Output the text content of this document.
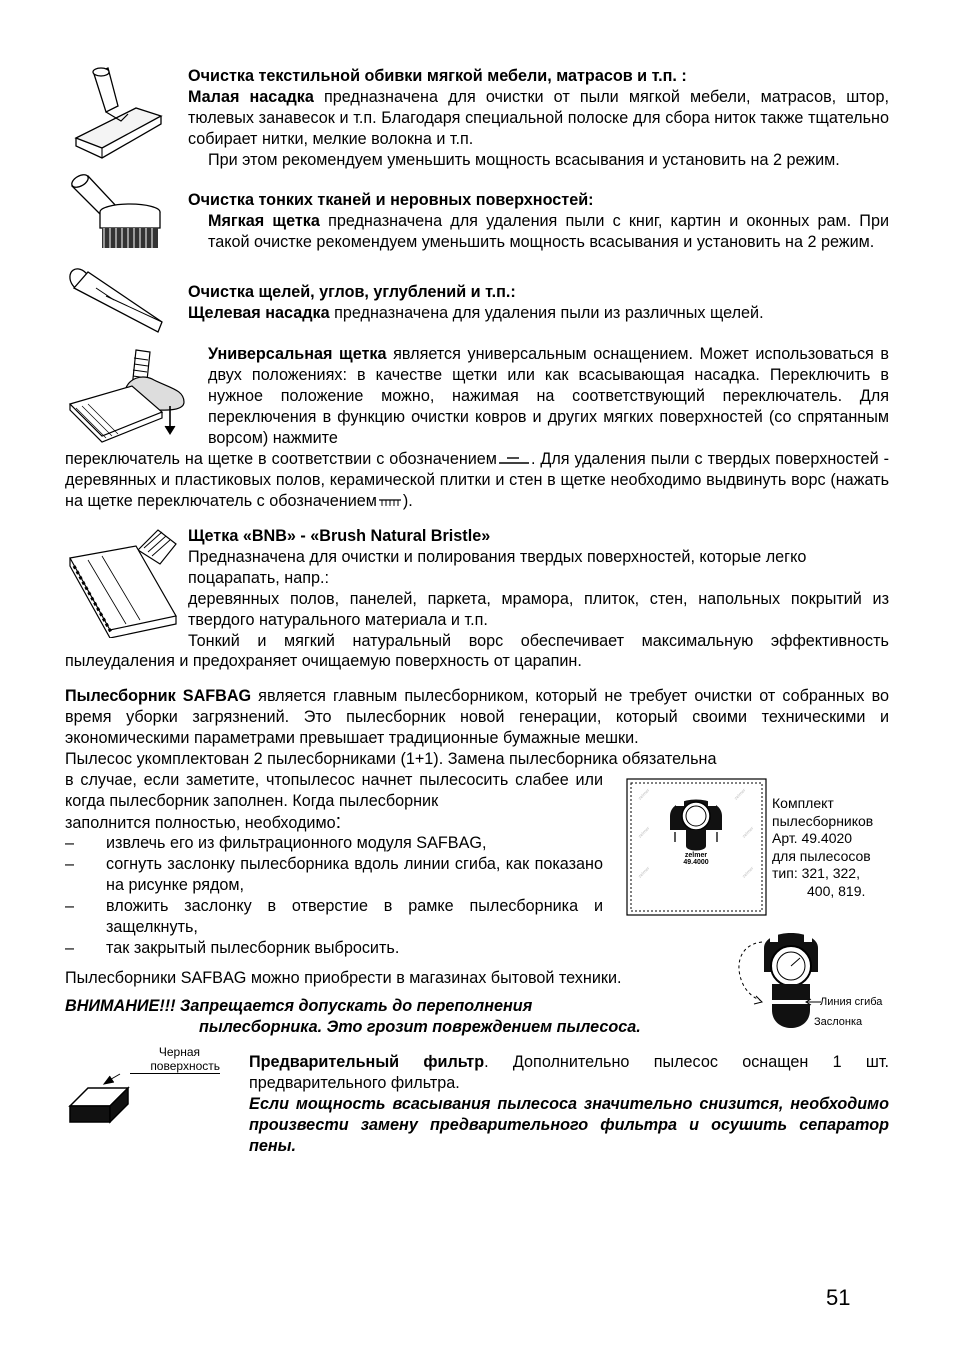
Очистка текстильной обивки мягкой мебели, матрасов и т.п. :

Малая насадка предназначена для очистки от пыли мягкой мебели, матрасов, штор, тюлевых занавесок и т.п. Благодаря специальной полоске для сбора ниток также тщательно собирает нитки, мелкие волокна и т.п.

При этом рекомендуем уменьшить мощность всасывания и установить на 2 режим.

Очистка тонких тканей и неровных поверхностей:

Мягкая щетка предназначена для удаления пыли с книг, картин и оконных рам. При такой очистке рекомендуем уменьшить мощность всасывания и установить на 2 режим.

Очистка щелей, углов, углублений и т.п.:

Щелевая насадка предназначена для удаления пыли из различных щелей.

Универсальная щетка является универсальным оснащением. Может использоваться в двух положениях: в качестве щетки или как всасывающая насадка. Переключить в нужное положение можно, нажимая на соответствующий переключатель. Для переключения в функцию очистки ковров и других мягких поверхностей (со спрятанным ворсом) нажмите

переключатель на щетке в соответствии с обозначением . Для удаления пыли с твердых поверхностей - деревянных и пластиковых полов, керамической плитки и стен в щетке необходимо выдвинуть ворс (нажать на щетке переключатель с обозначением ).

Щетка «BNB» - «Brush Natural Bristle»

Предназначена для очистки и полирования твердых поверхностей, которые легко поцарапать, напр.:

деревянных полов, панелей, паркета, мрамора, плиток, стен, напольных покрытий из твердого натурального материала и т.п.

Тонкий и мягкий натуральный ворс обеспечивает максимальную эффективность

пылеудаления и предохраняет очищаемую поверхность от царапин.

Пылесборник SAFBAG является главным пылесборником, который не требует очистки от собранных во время уборки загрязнений. Это пылесборник новой генерации, который своими техническими и экономическими параметрами превышает традиционные бумажные мешки.

Пылесос укомплектован 2 пылесборниками (1+1). Замена пылесборника обязательна

в случае, если заметите, чтопылесос начнет пылесосить слабее или когда пылесборник заполнен. Когда пылесборник

заполнится полностью, необходимо:

– извлечь его из фильтрационного модуля SAFBAG,
– согнуть заслонку пылесборника вдоль линии сгиба, как показано на рисунке рядом,
– вложить заслонку в отверстие в рамке пылесборника и защелкнуть,
– так закрытый пылесборник выбросить.

Пылесборники SAFBAG можно приобрести в магазинах бытовой техники.

ВНИМАНИЕ!!! Запрещается допускать до переполнения

пылесборника. Это грозит повреждением пылесоса.

zelmer	zelmer
zelmer	zelmer
zelmer	zelmer
zelmer
49.4000
Комплект
пылесборников
Арт. 49.4020
для пылесосов
тип: 321, 322,
400, 819.
Линия сгиба
Заслонка
Черная
поверхность Предварительный фильтр. Дополнительно пылесос оснащен 1 шт. предварительного фильтра.

Если мощность всасывания пылесоса значительно снизится, необходимо произвести замену предварительного фильтра и осушить сепаратор пены.

51
